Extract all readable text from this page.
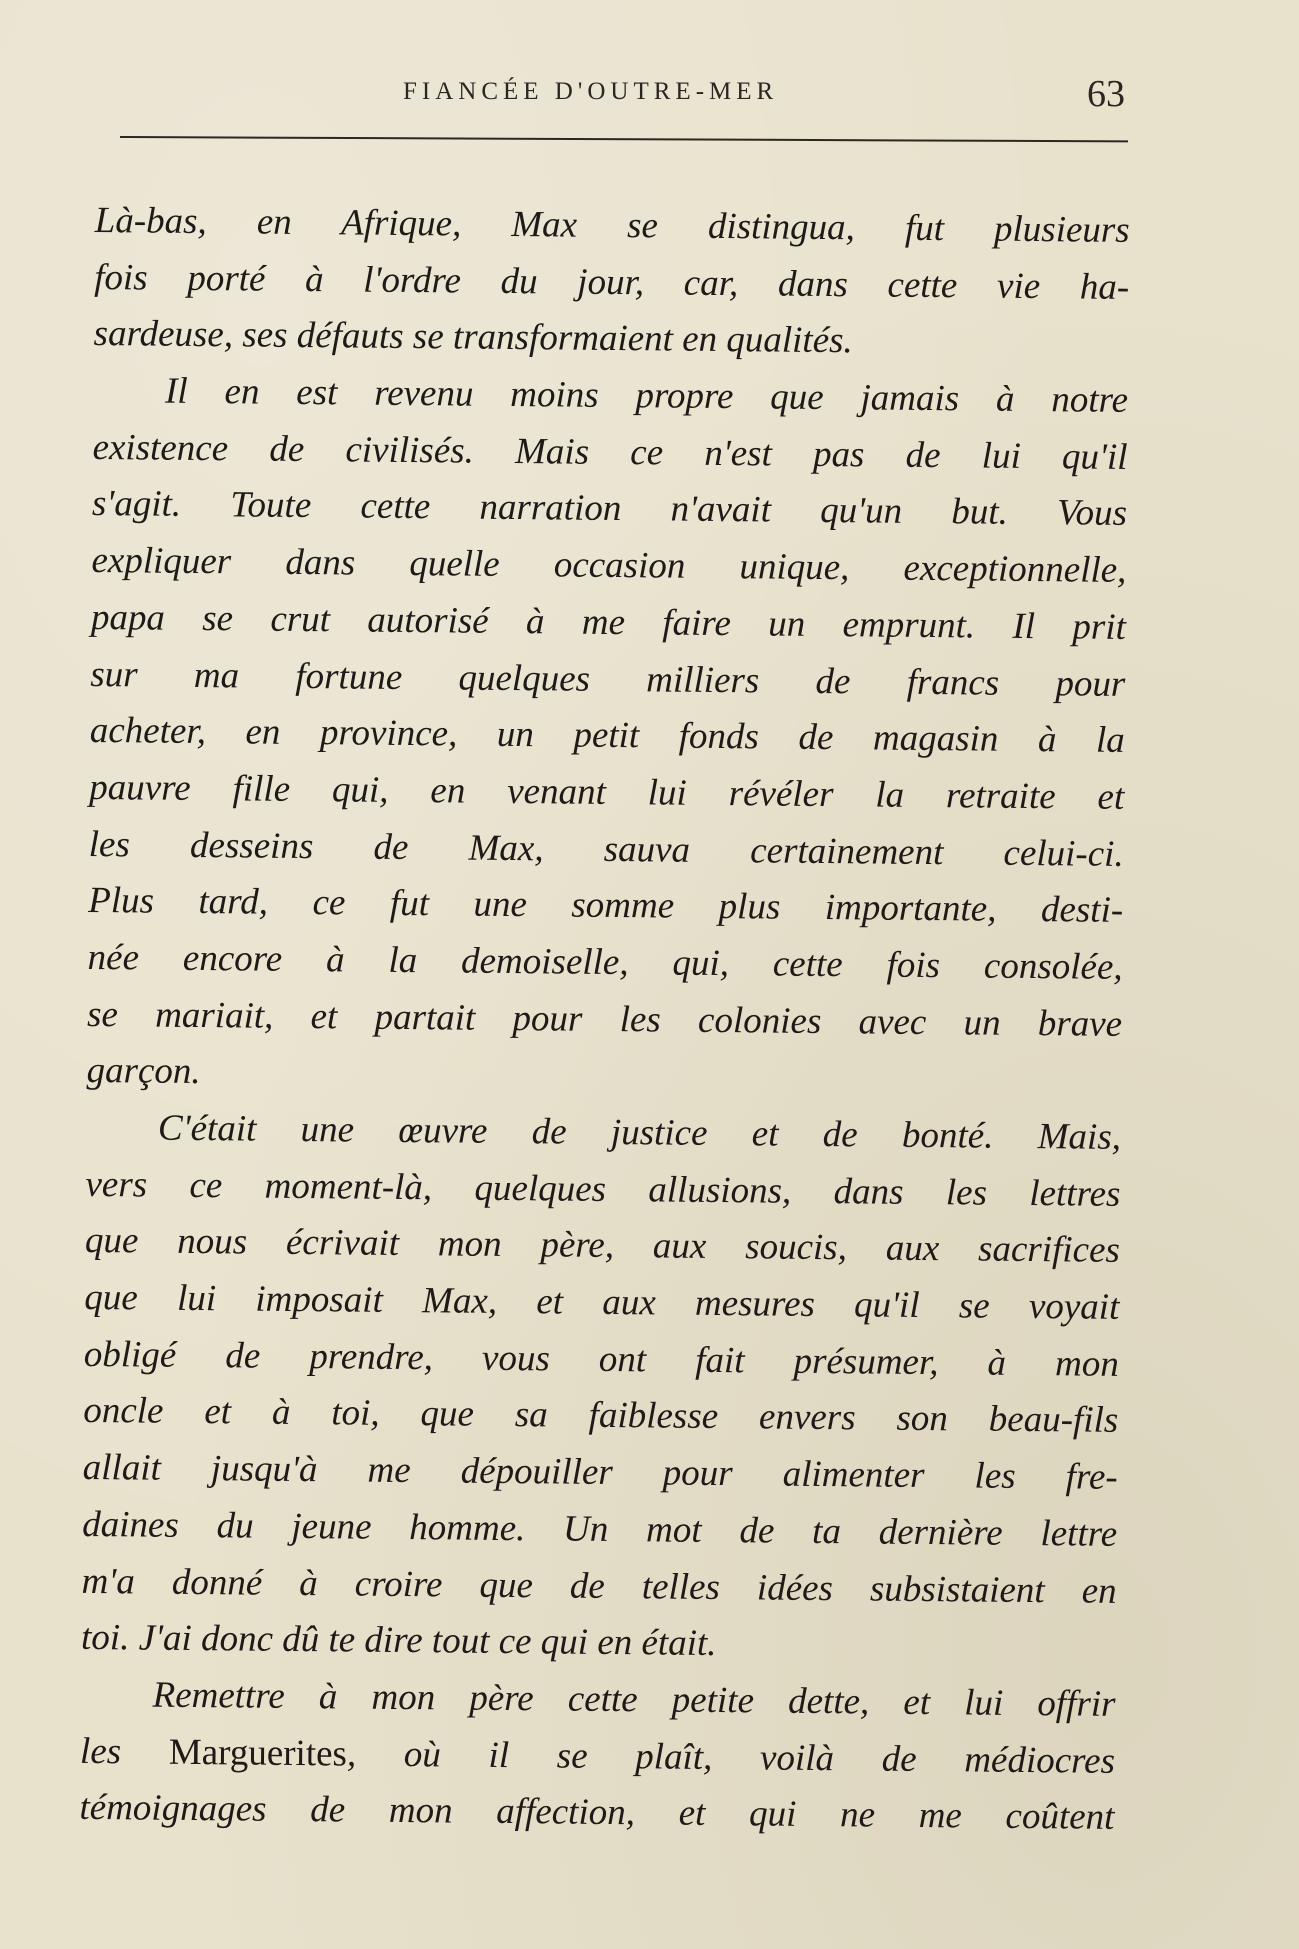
FIANCÉE D'OUTRE-MER	63
Là-bas, en Afrique, Max se distingua, fut plusieurs
fois porté à l'ordre du jour, car, dans cette vie ha-
sardeuse, ses défauts se transformaient en qualités.
Il en est revenu moins propre que jamais à notre
existence de civilisés. Mais ce n'est pas de lui qu'il
s'agit. Toute cette narration n'avait qu'un but. Vous
expliquer dans quelle occasion unique, exceptionnelle,
papa se crut autorisé à me faire un emprunt. Il prit
sur ma fortune quelques milliers de francs pour
acheter, en province, un petit fonds de magasin à la
pauvre fille qui, en venant lui révéler la retraite et
les desseins de Max, sauva certainement celui-ci.
Plus tard, ce fut une somme plus importante, desti-
née encore à la demoiselle, qui, cette fois consolée,
se mariait, et partait pour les colonies avec un brave
garçon.
C'était une œuvre de justice et de bonté. Mais,
vers ce moment-là, quelques allusions, dans les lettres
que nous écrivait mon père, aux soucis, aux sacrifices
que lui imposait Max, et aux mesures qu'il se voyait
obligé de prendre, vous ont fait présumer, à mon
oncle et à toi, que sa faiblesse envers son beau-fils
allait jusqu'à me dépouiller pour alimenter les fre-
daines du jeune homme. Un mot de ta dernière lettre
m'a donné à croire que de telles idées subsistaient en
toi. J'ai donc dû te dire tout ce qui en était.
Remettre à mon père cette petite dette, et lui offrir
les Marguerites, où il se plaît, voilà de médiocres
témoignages de mon affection, et qui ne me coûtent
